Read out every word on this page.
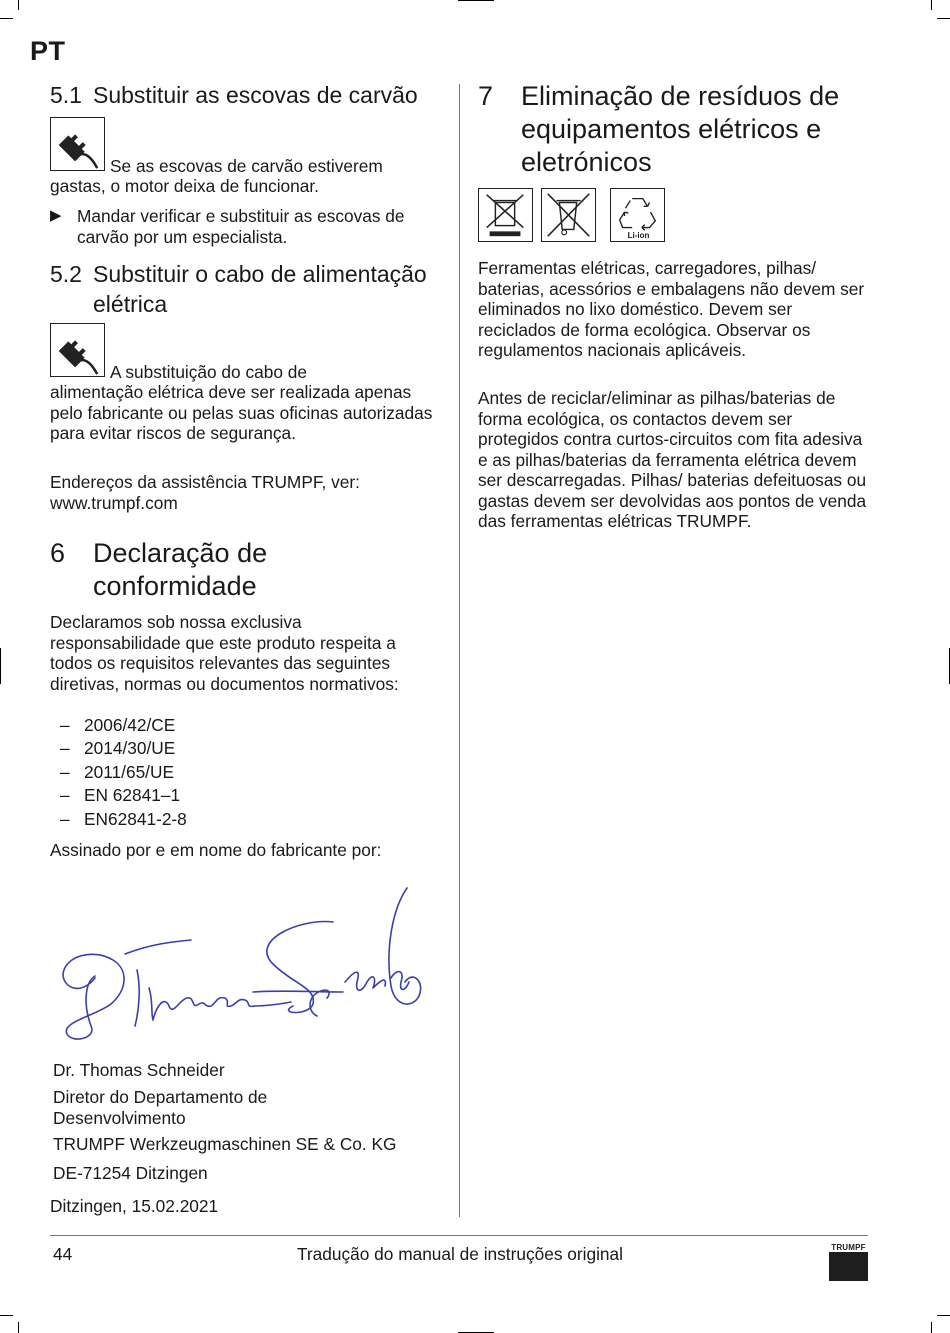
PT
5.1 Substituir as escovas de carvão
Se as escovas de carvão estiverem
gastas, o motor deixa de funcionar.
▶ Mandar verificar e substituir as escovas de carvão por um especialista.
5.2 Substituir o cabo de alimentação
elétrica
A substituição do cabo de
alimentação elétrica deve ser realizada apenas pelo fabricante ou pelas suas oficinas autorizadas para evitar riscos de segurança.
Endereços da assistência TRUMPF, ver: www.trumpf.com
6	Declaração de
conformidade
Declaramos sob nossa exclusiva responsabilidade que este produto respeita a todos os requisitos relevantes das seguintes diretivas, normas ou documentos normativos:
– 2006/42/CE
– 2014/30/UE
– 2011/65/UE
– EN 62841–1
– EN62841-2-8
Assinado por e em nome do fabricante por:
Dr. Thomas Schneider
Diretor do Departamento de Desenvolvimento
TRUMPF Werkzeugmaschinen SE & Co. KG
DE-71254 Ditzingen
Ditzingen, 15.02.2021
7	Eliminação de resíduos de
equipamentos elétricos e
eletrónicos
Li-ion
Ferramentas elétricas, carregadores, pilhas/ baterias, acessórios e embalagens não devem ser eliminados no lixo doméstico. Devem ser reciclados de forma ecológica. Observar os regulamentos nacionais aplicáveis.
Antes de reciclar/eliminar as pilhas/baterias de forma ecológica, os contactos devem ser protegidos contra curtos-circuitos com fita adesiva e as pilhas/baterias da ferramenta elétrica devem ser descarregadas. Pilhas/ baterias defeituosas ou gastas devem ser devolvidas aos pontos de venda das ferramentas elétricas TRUMPF.
44	Tradução do manual de instruções original	TRUMPF
